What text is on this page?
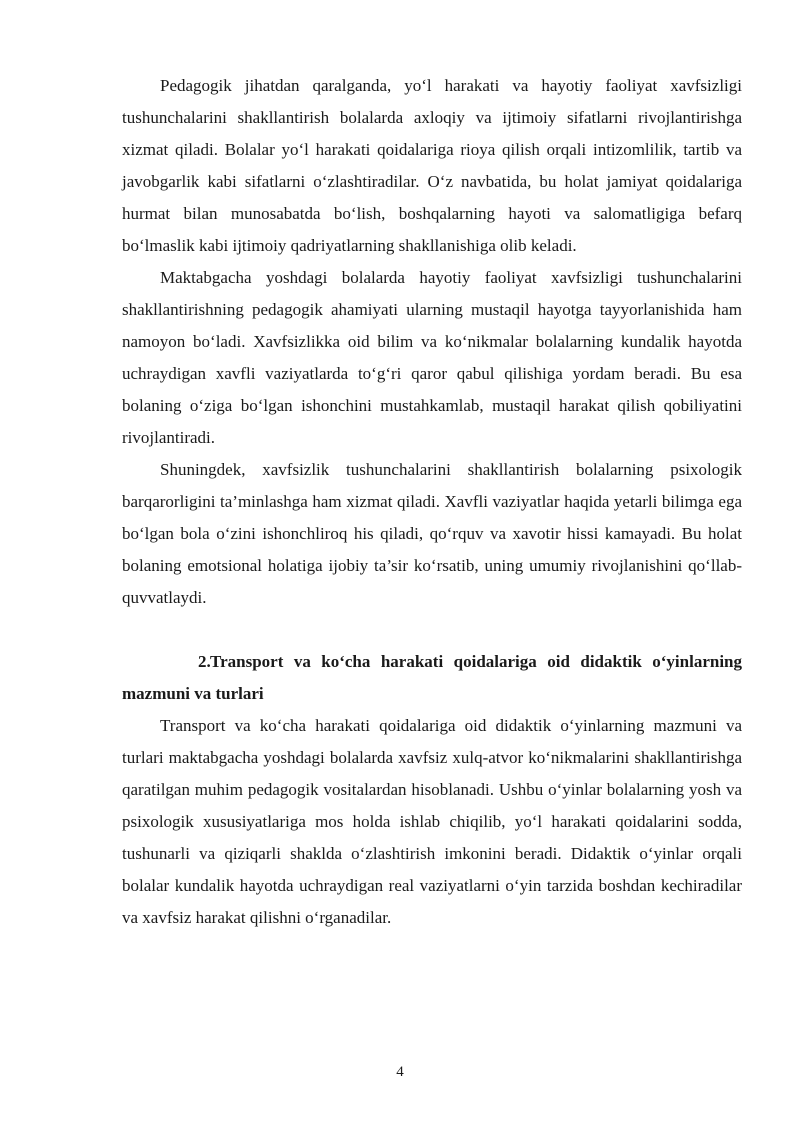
Pedagogik jihatdan qaralganda, yo‘l harakati va hayotiy faoliyat xavfsizligi tushunchalarini shakllantirish bolalarda axloqiy va ijtimoiy sifatlarni rivojlantirishga xizmat qiladi. Bolalar yo‘l harakati qoidalariga rioya qilish orqali intizomlilik, tartib va javobgarlik kabi sifatlarni o‘zlashtiradilar. O‘z navbatida, bu holat jamiyat qoidalariga hurmat bilan munosabatda bo‘lish, boshqalarning hayoti va salomatligiga befarq bo‘lmaslik kabi ijtimoiy qadriyatlarning shakllanishiga olib keladi.

Maktabgacha yoshdagi bolalarda hayotiy faoliyat xavfsizligi tushunchalarini shakllantirishning pedagogik ahamiyati ularning mustaqil hayotga tayyorlanishida ham namoyon bo‘ladi. Xavfsizlikka oid bilim va ko‘nikmalar bolalarning kundalik hayotda uchraydigan xavfli vaziyatlarda to‘g‘ri qaror qabul qilishiga yordam beradi. Bu esa bolaning o‘ziga bo‘lgan ishonchini mustahkamlab, mustaqil harakat qilish qobiliyatini rivojlantiradi.

Shuningdek, xavfsizlik tushunchalarini shakllantirish bolalarning psixologik barqarorligini ta’minlashga ham xizmat qiladi. Xavfli vaziyatlar haqida yetarli bilimga ega bo‘lgan bola o‘zini ishonchliroq his qiladi, qo‘rquv va xavotir hissi kamayadi. Bu holat bolaning emotsional holatiga ijobiy ta’sir ko‘rsatib, uning umumiy rivojlanishini qo‘llab-quvvatlaydi.

2.Transport va ko‘cha harakati qoidalariga oid didaktik o‘yinlarning mazmuni va turlari

Transport va ko‘cha harakati qoidalariga oid didaktik o‘yinlarning mazmuni va turlari maktabgacha yoshdagi bolalarda xavfsiz xulq-atvor ko‘nikmalarini shakllantirishga qaratilgan muhim pedagogik vositalardan hisoblanadi. Ushbu o‘yinlar bolalarning yosh va psixologik xususiyatlariga mos holda ishlab chiqilib, yo‘l harakati qoidalarini sodda, tushunarli va qiziqarli shaklda o‘zlashtirish imkonini beradi. Didaktik o‘yinlar orqali bolalar kundalik hayotda uchraydigan real vaziyatlarni o‘yin tarzida boshdan kechiradilar va xavfsiz harakat qilishni o‘rganadilar.

4
